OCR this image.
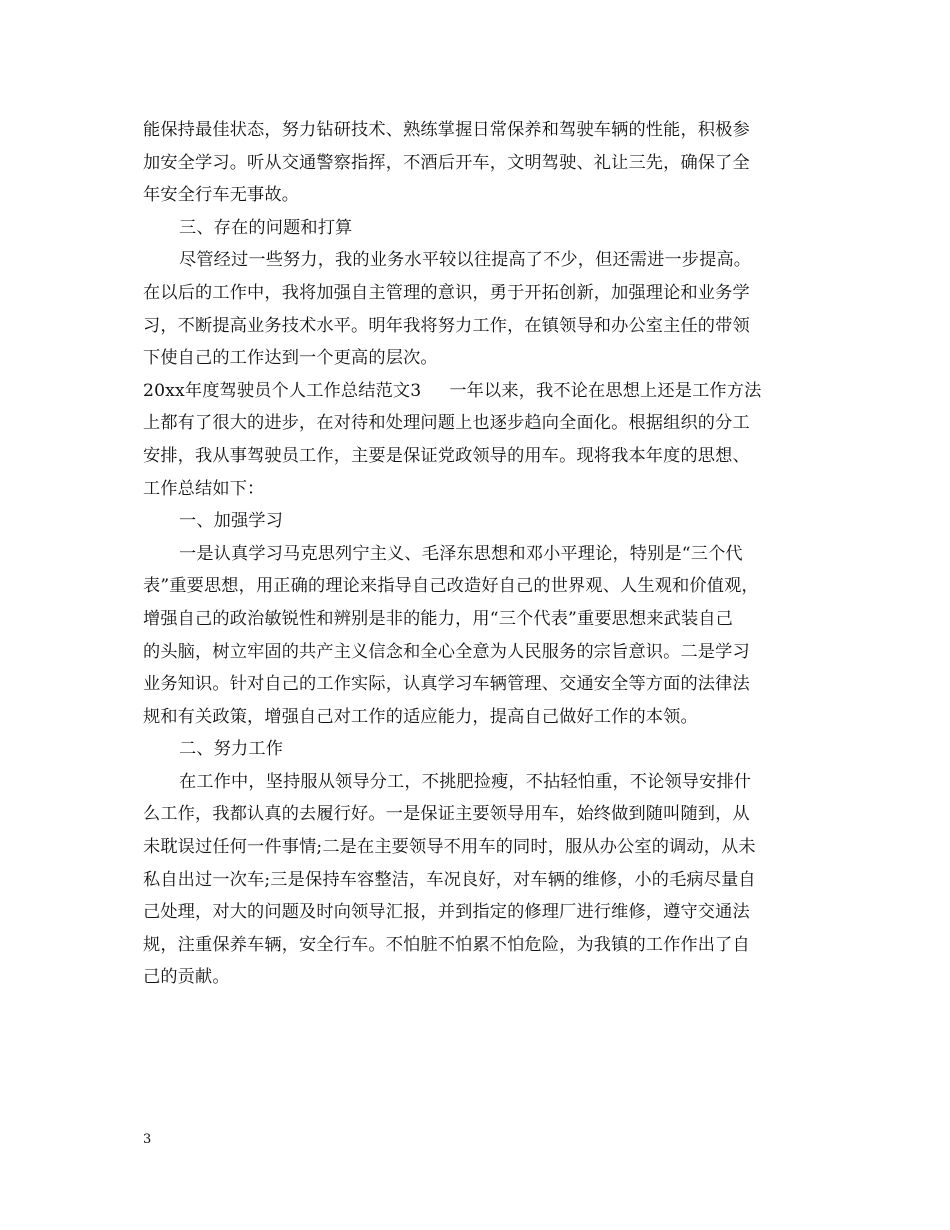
能保持最佳状态，努力钻研技术、熟练掌握日常保养和驾驶车辆的性能，积极参
加安全学习。听从交通警察指挥，不酒后开车，文明驾驶、礼让三先，确保了全
年安全行车无事故。
三、存在的问题和打算
尽管经过一些努力，我的业务水平较以往提高了不少，但还需进一步提高。
在以后的工作中，我将加强自主管理的意识，勇于开拓创新，加强理论和业务学
习，不断提高业务技术水平。明年我将努力工作，在镇领导和办公室主任的带领
下使自己的工作达到一个更高的层次。
20xx年度驾驶员个人工作总结范文3 一年以来，我不论在思想上还是工作方法
上都有了很大的进步，在对待和处理问题上也逐步趋向全面化。根据组织的分工
安排，我从事驾驶员工作，主要是保证党政领导的用车。现将我本年度的思想、
工作总结如下：
一、加强学习
一是认真学习马克思列宁主义、毛泽东思想和邓小平理论，特别是“三个代
表”重要思想，用正确的理论来指导自己改造好自己的世界观、人生观和价值观，
增强自己的政治敏锐性和辨别是非的能力，用“三个代表”重要思想来武装自己
的头脑，树立牢固的共产主义信念和全心全意为人民服务的宗旨意识。二是学习
业务知识。针对自己的工作实际，认真学习车辆管理、交通安全等方面的法律法
规和有关政策，增强自己对工作的适应能力，提高自己做好工作的本领。
二、努力工作
在工作中，坚持服从领导分工，不挑肥捡瘦，不拈轻怕重，不论领导安排什
么工作，我都认真的去履行好。一是保证主要领导用车，始终做到随叫随到，从
未耽误过任何一件事情;二是在主要领导不用车的同时，服从办公室的调动，从未
私自出过一次车;三是保持车容整洁，车况良好，对车辆的维修，小的毛病尽量自
己处理，对大的问题及时向领导汇报，并到指定的修理厂进行维修，遵守交通法
规，注重保养车辆，安全行车。不怕脏不怕累不怕危险，为我镇的工作作出了自
己的贡献。
3
